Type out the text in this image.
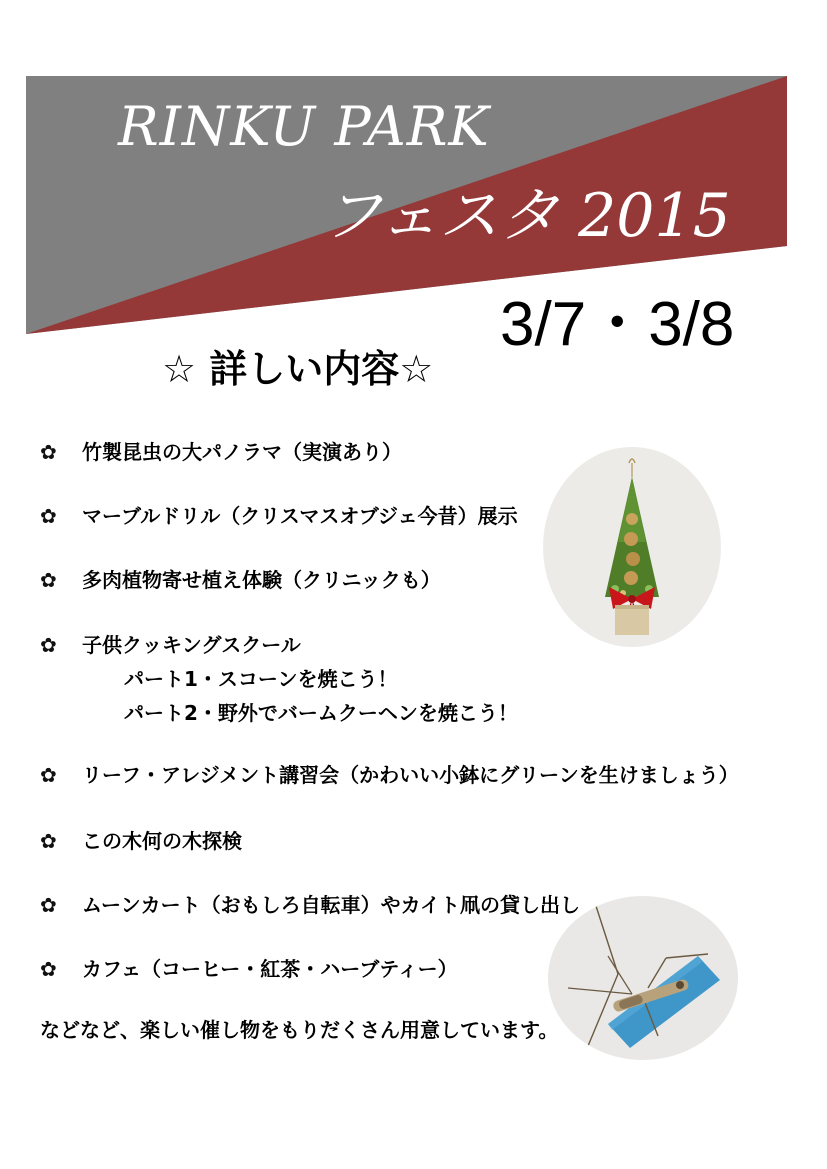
RINKU PARK
フェスタ 2015
3/7・3/8
☆ 詳しい内容☆
✿ 竹製昆虫の大パノラマ（実演あり）
✿ マーブルドリル（クリスマスオブジェ今昔）展示
✿ 多肉植物寄せ植え体験（クリニックも）
✿ 子供クッキングスクール
パート1・スコーンを焼こう！
パート2・野外でバームクーヘンを焼こう！
✿ リーフ・アレジメント講習会（かわいい小鉢にグリーンを生けましょう）
✿ この木何の木探検
✿ ムーンカート（おもしろ自転車）やカイト凧の貸し出し
✿ カフェ（コーヒー・紅茶・ハーブティー）
などなど、楽しい催し物をもりだくさん用意しています。
